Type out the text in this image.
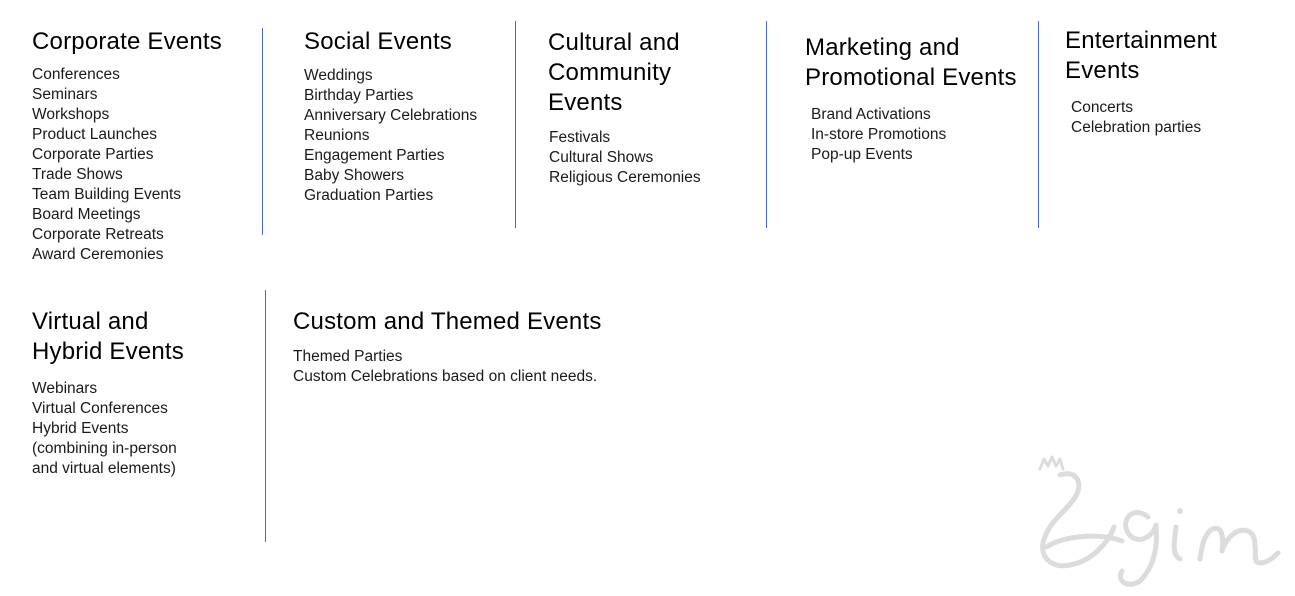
Corporate Events
Conferences
Seminars
Workshops
Product Launches
Corporate Parties
Trade Shows
Team Building Events
Board Meetings
Corporate Retreats
Award Ceremonies
Social Events
Weddings
Birthday Parties
Anniversary Celebrations
Reunions
Engagement Parties
Baby Showers
Graduation Parties
Cultural and
Community
Events
Festivals
Cultural Shows
Religious Ceremonies
Marketing and
Promotional Events
Brand Activations
In-store Promotions
Pop-up Events
Entertainment
Events
Concerts
Celebration parties
Virtual and
Hybrid Events
Webinars
Virtual Conferences
Hybrid Events
(combining in-person
and virtual elements)
Custom and Themed Events
Themed Parties
Custom Celebrations based on client needs.
